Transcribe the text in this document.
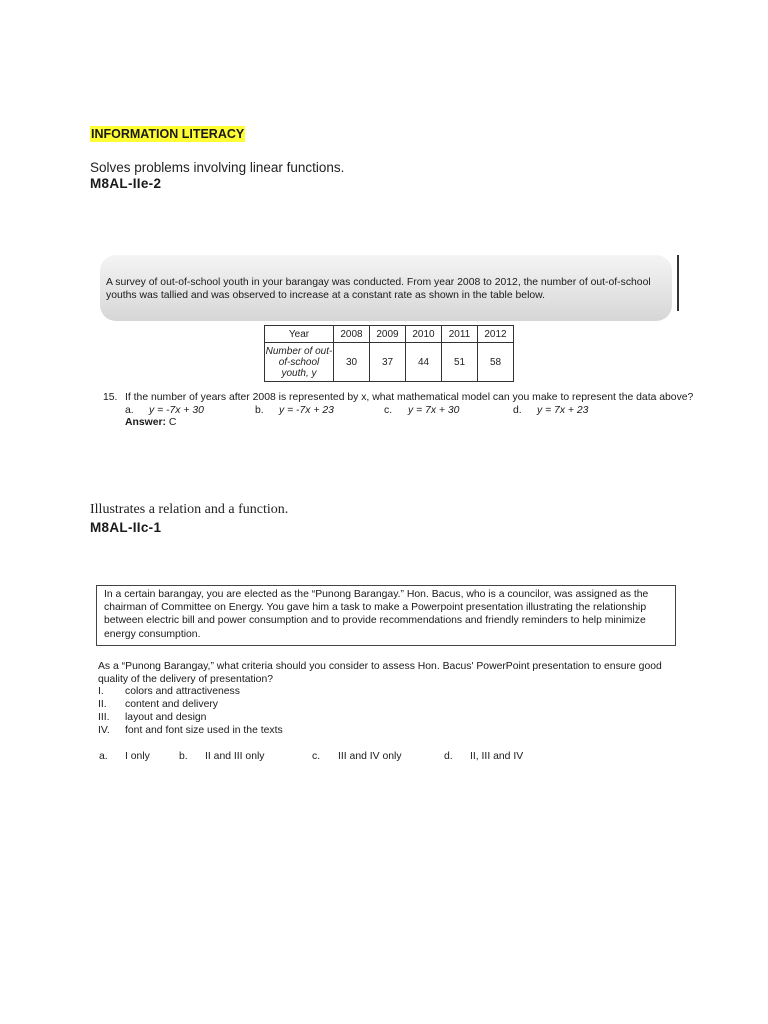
INFORMATION LITERACY
Solves problems involving linear functions.
M8AL-IIe-2
A survey of out-of-school youth in your barangay was conducted. From year 2008 to 2012, the number of out-of-school youths was tallied and was observed to increase at a constant rate as shown in the table below.
Year	2008	2009	2010	2011	2012
Number of out-of-school youth, y	30	37	44	51	58
15. If the number of years after 2008 is represented by x, what mathematical model can you make to represent the data above?
a. y = -7x + 30	b. y = -7x + 23	c. y = 7x + 30	d. y = 7x + 23
Answer: C
Illustrates a relation and a function.
M8AL-IIc-1
In a certain barangay, you are elected as the “Punong Barangay.” Hon. Bacus, who is a councilor, was assigned as the chairman of Committee on Energy. You gave him a task to make a Powerpoint presentation illustrating the relationship between electric bill and power consumption and to provide recommendations and friendly reminders to help minimize energy consumption.
As a “Punong Barangay,” what criteria should you consider to assess Hon. Bacus' PowerPoint presentation to ensure good quality of the delivery of presentation?
I. colors and attractiveness
II. content and delivery
III. layout and design
IV. font and font size used in the texts
a. I only	b. II and III only	c. III and IV only	d. II, III and IV
